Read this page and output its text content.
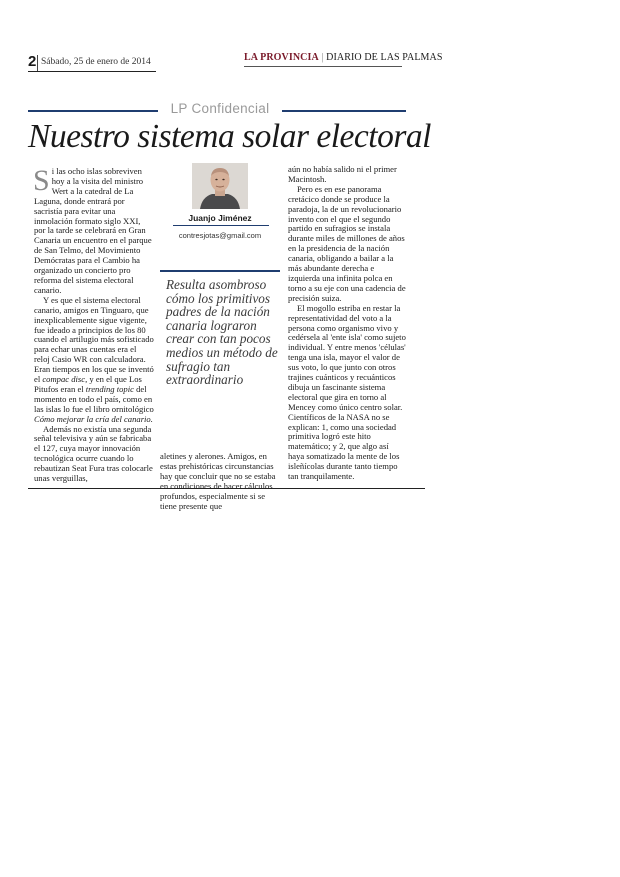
2 Sábado, 25 de enero de 2014	LA PROVINCIA | DIARIO DE LAS PALMAS
LP Confidencial
Nuestro sistema solar electoral

Si las ocho islas sobreviven hoy a la visita del ministro Wert a la catedral de La Laguna, donde entrará por sacristía para evitar una inmolación formato siglo XXI, por la tarde se celebrará en Gran Canaria un encuentro en el parque de San Telmo, del Movimiento Demócratas para el Cambio ha organizado un concierto pro reforma del sistema electoral canario.

Y es que el sistema electoral canario, amigos en Tinguaro, que inexplicablemente sigue vigente, fue ideado a principios de los 80 cuando el artilugio más sofisticado para echar unas cuentas era el reloj Casio WR con calculadora. Eran tiempos en los que se inventó el compac disc, y en el que Los Pitufos eran el trending topic del momento en todo el país, como en las islas lo fue el libro ornitológico Cómo mejorar la cría del canario.

Además no existía una segunda señal televisiva y aún se fabricaba el 127, cuya mayor innovación tecnológica ocurre cuando lo rebautizan Seat Fura tras colocarle unas verguillas,

Juanjo Jiménez
contresjotas@gmail.com
Resulta asombroso cómo los primitivos padres de la nación canaria lograron crear con tan pocos medios un método de sufragio tan extraordinario

aletines y alerones. Amigos, en estas prehistóricas circunstancias hay que concluir que no se estaba en condiciones de hacer cálculos profundos, especialmente si se tiene presente que

aún no había salido ni el primer Macintosh.

Pero es en ese panorama cretácico donde se produce la paradoja, la de un revolucionario invento con el que el segundo partido en sufragios se instala durante miles de millones de años en la presidencia de la nación canaria, obligando a bailar a la más abundante derecha e izquierda una infinita polca en torno a su eje con una cadencia de precisión suiza.

El mogollo estriba en restar la representatividad del voto a la persona como organismo vivo y cedérsela al 'ente isla' como sujeto individual. Y entre menos 'células' tenga una isla, mayor el valor de sus voto, lo que junto con otros trajines cuánticos y recuánticos dibuja un fascinante sistema electoral que gira en torno al Mencey como único centro solar. Científicos de la NASA no se explican: 1, como una sociedad primitiva logró este hito matemático; y 2, que algo así haya somatizado la mente de los isleñícolas durante tanto tiempo tan tranquilamente.
